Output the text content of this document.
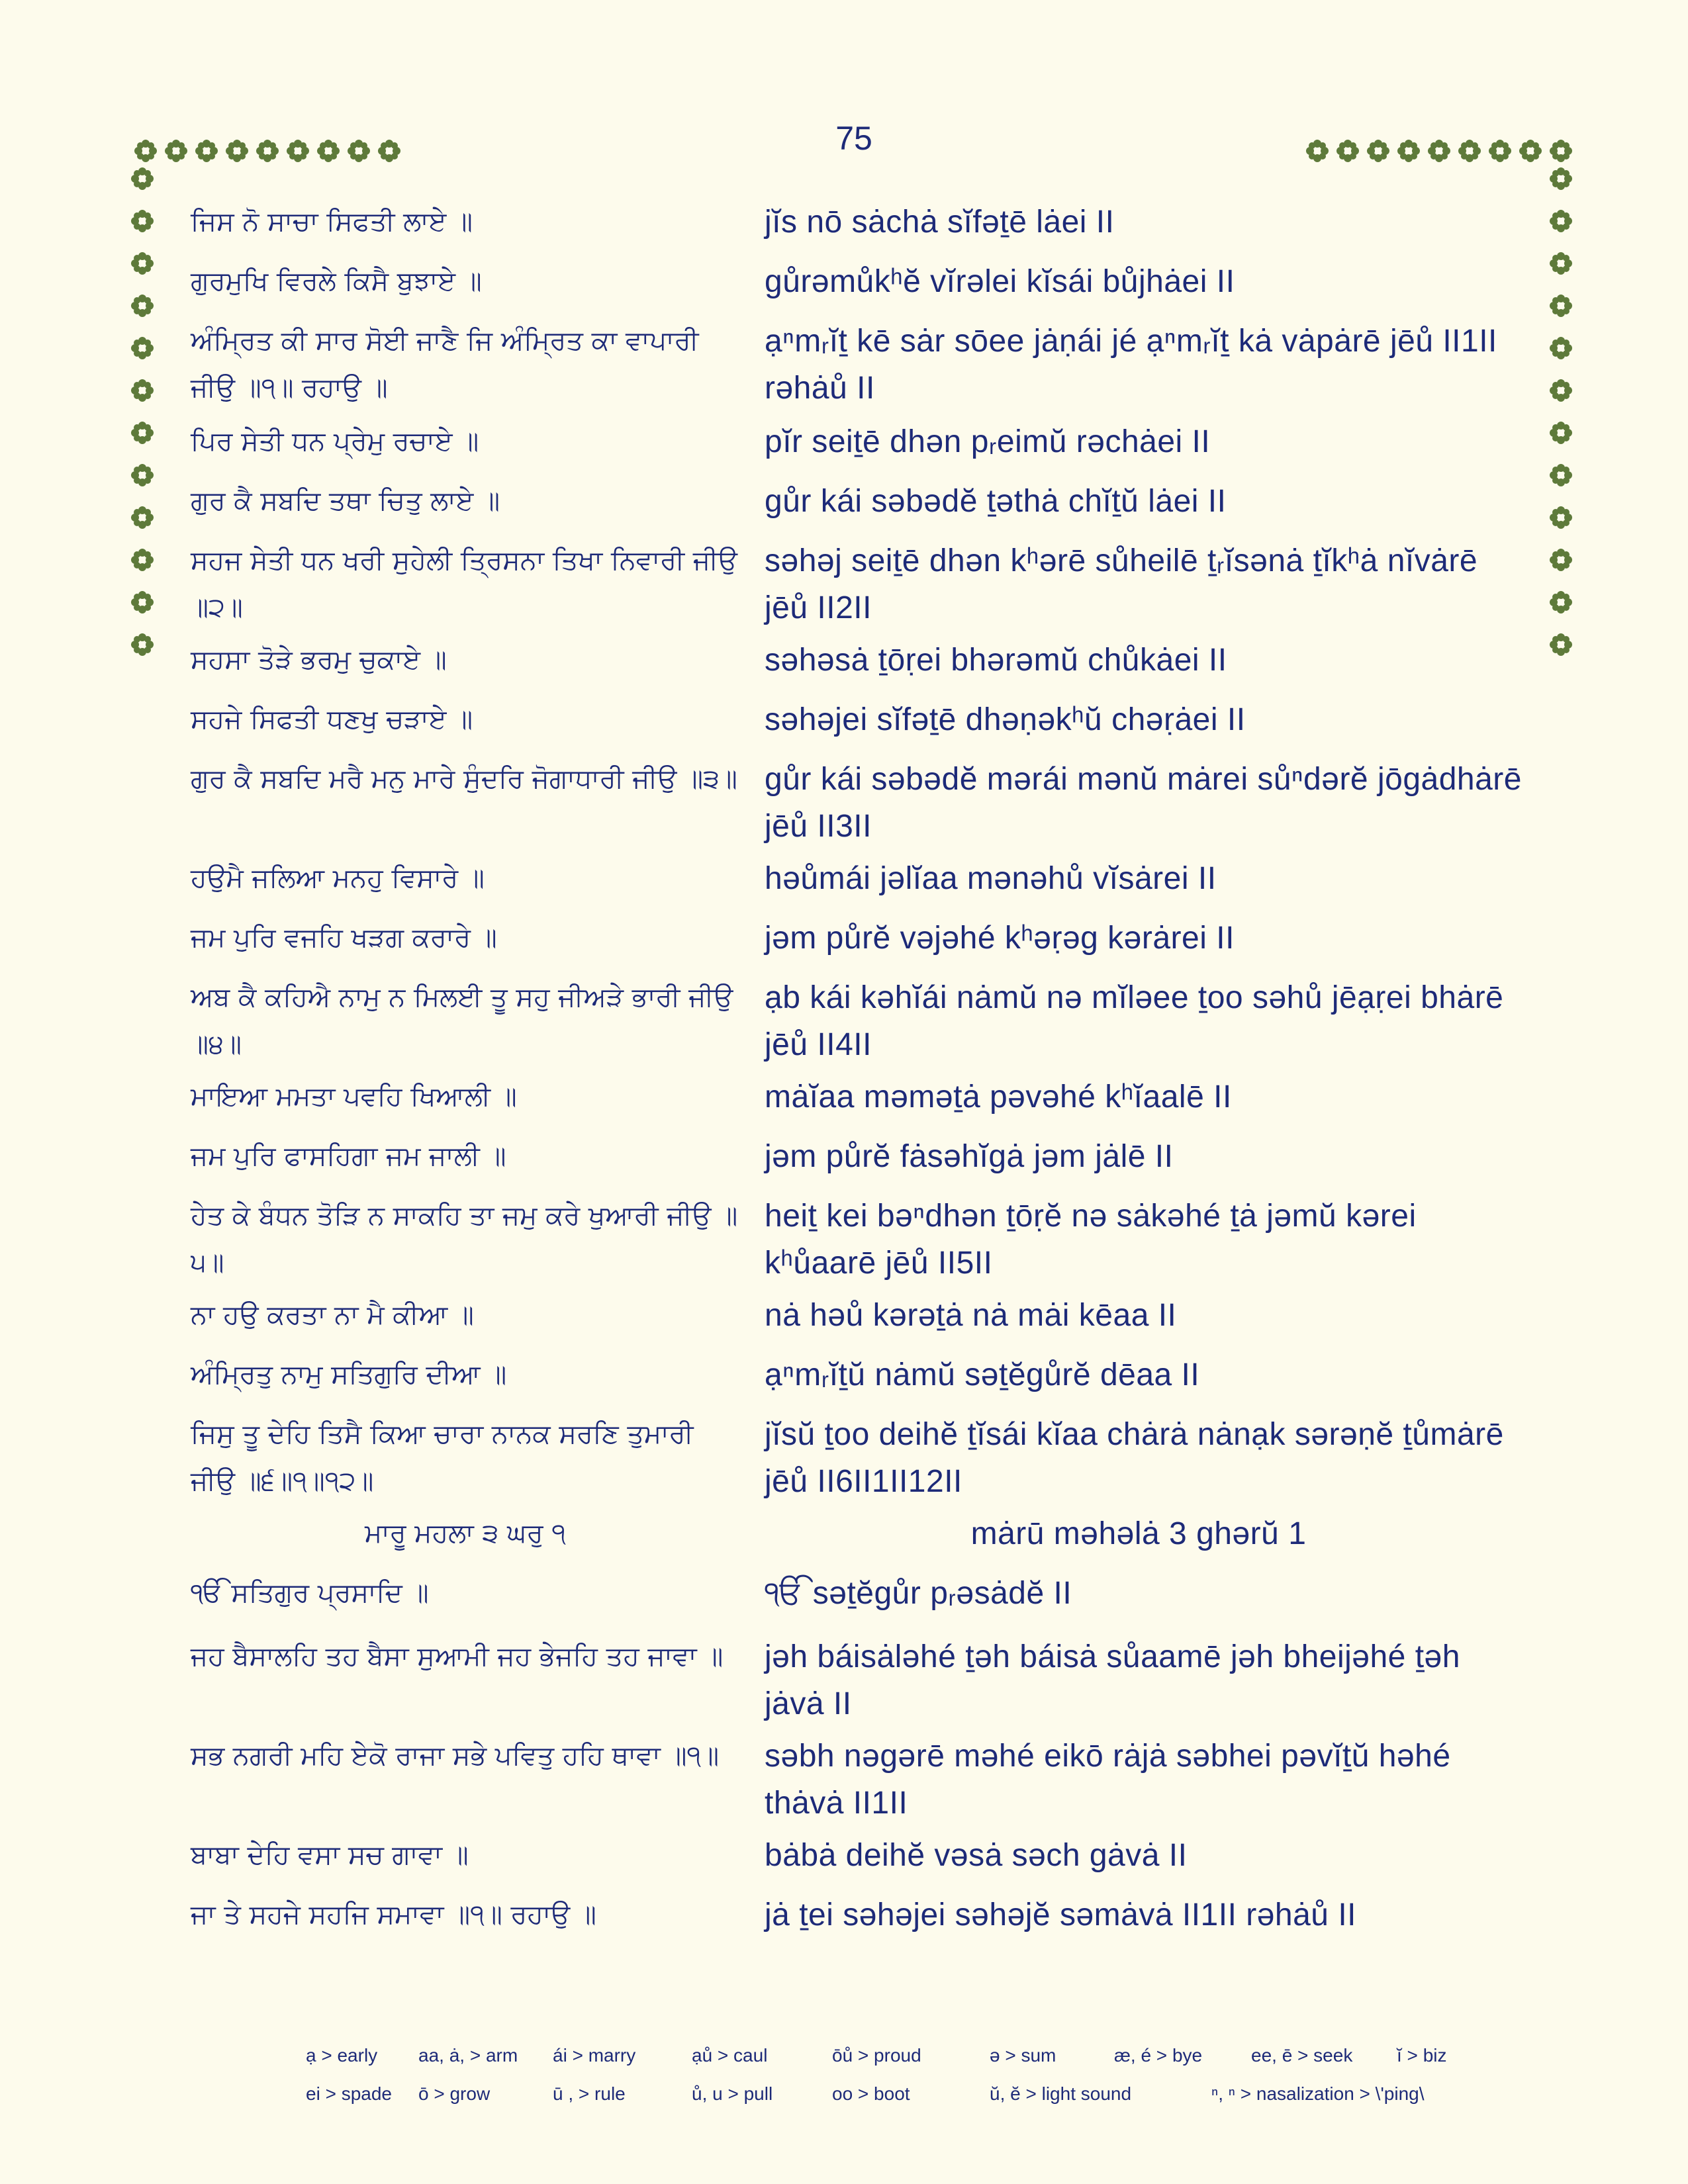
75
ਜਿਸ ਨੋ ਸਾਚਾ ਸਿਫਤੀ ਲਾਏ ॥	jĭs nō sȧchȧ sĭfəṯē lȧei II
ਗੁਰਮੁਖਿ ਵਿਰਲੇ ਕਿਸੈ ਬੁਝਾਏ ॥	gůrəmůkʰĕ vĭrəlei kĭsái bůjhȧei II
ਅੰਮ੍ਰਿਤ ਕੀ ਸਾਰ ਸੋਈ ਜਾਣੈ ਜਿ ਅੰਮ੍ਰਿਤ ਕਾ ਵਾਪਾਰੀ ਜੀਉ ॥੧॥ ਰਹਾਉ ॥
ạⁿmᵣĭṯ kē sȧr sōee jȧṇái jé ạⁿmᵣĭṯ kȧ vȧpȧrē jēů II1II rəhȧů II
ਪਿਰ ਸੇਤੀ ਧਨ ਪ੍ਰੇਮੁ ਰਚਾਏ ॥	pĭr seiṯē dhən pᵣeimŭ rəchȧei II
ਗੁਰ ਕੈ ਸਬਦਿ ਤਥਾ ਚਿਤੁ ਲਾਏ ॥	gůr kái səbədĕ ṯəthȧ chĭṯŭ lȧei II
ਸਹਜ ਸੇਤੀ ਧਨ ਖਰੀ ਸੁਹੇਲੀ ਤ੍ਰਿਸਨਾ ਤਿਖਾ ਨਿਵਾਰੀ ਜੀਉ ॥੨॥
səhəj seiṯē dhən kʰərē sůheilē ṯᵣĭsənȧ ṯĭkʰȧ nĭvȧrē jēů II2II
ਸਹਸਾ ਤੋੜੇ ਭਰਮੁ ਚੁਕਾਏ ॥	səhəsȧ ṯōṛei bhərəmŭ chůkȧei II
ਸਹਜੇ ਸਿਫਤੀ ਧਣਖੁ ਚੜਾਏ ॥	səhəjei sĭfəṯē dhəṇəkʰŭ chəṛȧei II
ਗੁਰ ਕੈ ਸਬਦਿ ਮਰੈ ਮਨੁ ਮਾਰੇ ਸੁੰਦਰਿ ਜੋਗਾਧਾਰੀ ਜੀਉ ॥੩॥ gůr kái səbədĕ mərái mənŭ mȧrei sůⁿdərĕ jōgȧdhȧrē jēů II3II
ਹਉਮੈ ਜਲਿਆ ਮਨਹੁ ਵਿਸਾਰੇ ॥	həůmái jəlĭaa mənəhů vĭsȧrei II
ਜਮ ਪੁਰਿ ਵਜਹਿ ਖੜਗ ਕਰਾਰੇ ॥	jəm půrĕ vəjəhé kʰəṛəg kərȧrei II
ਅਬ ਕੈ ਕਹਿਐ ਨਾਮੁ ਨ ਮਿਲਈ ਤੂ ਸਹੁ ਜੀਅੜੇ ਭਾਰੀ ਜੀਉ ॥੪॥
ạb kái kəhĭái nȧmŭ nə mĭləee ṯoo səhů jēạṛei bhȧrē jēů II4II
ਮਾਇਆ ਮਮਤਾ ਪਵਹਿ ਖਿਆਲੀ ॥	mȧĭaa məməṯȧ pəvəhé kʰĭaalē II
ਜਮ ਪੁਰਿ ਫਾਸਹਿਗਾ ਜਮ ਜਾਲੀ ॥	jəm půrĕ fȧsəhĭgȧ jəm jȧlē II
ਹੇਤ ਕੇ ਬੰਧਨ ਤੋੜਿ ਨ ਸਾਕਹਿ ਤਾ ਜਮੁ ਕਰੇ ਖੁਆਰੀ ਜੀਉ ॥੫॥
heiṯ kei bəⁿdhən ṯōṛĕ nə sȧkəhé ṯȧ jəmŭ kərei kʰůaarē jēů II5II
ਨਾ ਹਉ ਕਰਤਾ ਨਾ ਮੈ ਕੀਆ ॥	nȧ həů kərəṯȧ nȧ mȧi kēaa II
ਅੰਮ੍ਰਿਤੁ ਨਾਮੁ ਸਤਿਗੁਰਿ ਦੀਆ ॥	ạⁿmᵣĭṯŭ nȧmŭ səṯĕgůrĕ dēaa II
ਜਿਸੁ ਤੂ ਦੇਹਿ ਤਿਸੈ ਕਿਆ ਚਾਰਾ ਨਾਨਕ ਸਰਣਿ ਤੁਮਾਰੀ ਜੀਉ ॥੬॥੧॥੧੨॥
jĭsŭ ṯoo deihĕ ṯĭsái kĭaa chȧrȧ nȧnạk sərəṇĕ ṯůmȧrē jēů II6II1II12II
ਮਾਰੂ ਮਹਲਾ ੩ ਘਰੁ ੧	mȧrū məhəlȧ 3 ghərŭ 1
ੴ ਸਤਿਗੁਰ ਪ੍ਰਸਾਦਿ ॥	ੴ səṯĕgůr pᵣəsȧdĕ II
ਜਹ ਬੈਸਾਲਹਿ ਤਹ ਬੈਸਾ ਸੁਆਮੀ ਜਹ ਭੇਜਹਿ ਤਹ ਜਾਵਾ ॥	jəh báisȧləhé ṯəh báisȧ sůaamē jəh bheijəhé ṯəh jȧvȧ II
ਸਭ ਨਗਰੀ ਮਹਿ ਏਕੋ ਰਾਜਾ ਸਭੇ ਪਵਿਤੁ ਹਹਿ ਥਾਵਾ ॥੧॥	səbh nəgərē məhé eikō rȧjȧ səbhei pəvĭṯŭ həhé thȧvȧ II1II
ਬਾਬਾ ਦੇਹਿ ਵਸਾ ਸਚ ਗਾਵਾ ॥	bȧbȧ deihĕ vəsȧ səch gȧvȧ II
ਜਾ ਤੇ ਸਹਜੇ ਸਹਜਿ ਸਮਾਵਾ ॥੧॥ ਰਹਾਉ ॥	jȧ ṯei səhəjei səhəjĕ səmȧvȧ II1II rəhȧů II
ạ > early aa, ȧ, > arm ái > marry	ạů > caul	ōů > proud	ə > sum	æ, é > bye	ee, ē > seek ĭ > biz
ei > spade ō > grow	ū , > rule	ů, u > pull	oo > boot	ŭ, ĕ > light sound	ⁿ, ⁿ > nasalization > \'ping\
